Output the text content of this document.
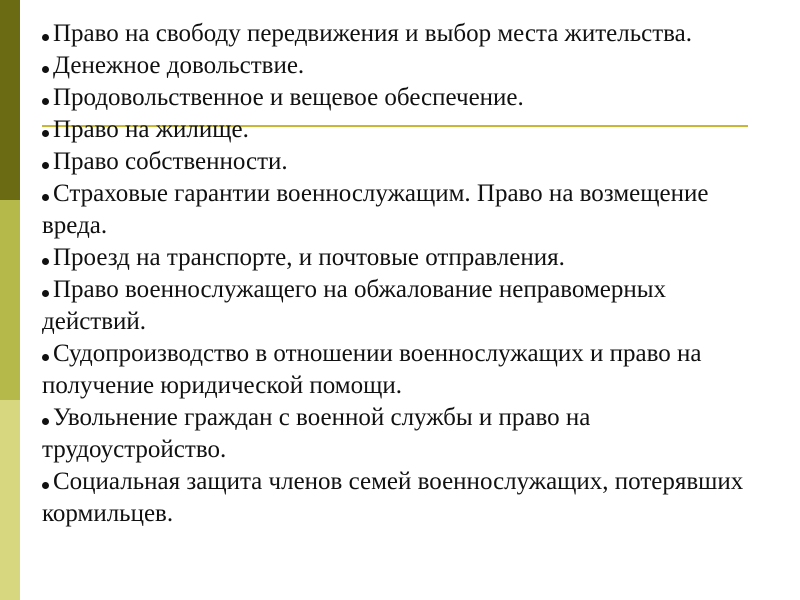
Право на свободу передвижения и выбор места жительства.
Денежное довольствие.
Продовольственное и вещевое обеспечение.
Право на жилище.
Право собственности.
Страховые гарантии военнослужащим. Право на возмещение вреда.
Проезд на транспорте, и почтовые отправления.
Право военнослужащего на обжалование неправомерных действий.
Судопроизводство в отношении военнослужащих и право на получение юридической помощи.
Увольнение граждан с военной службы и право на трудоустройство.
Социальная защита членов семей военнослужащих, потерявших кормильцев.
